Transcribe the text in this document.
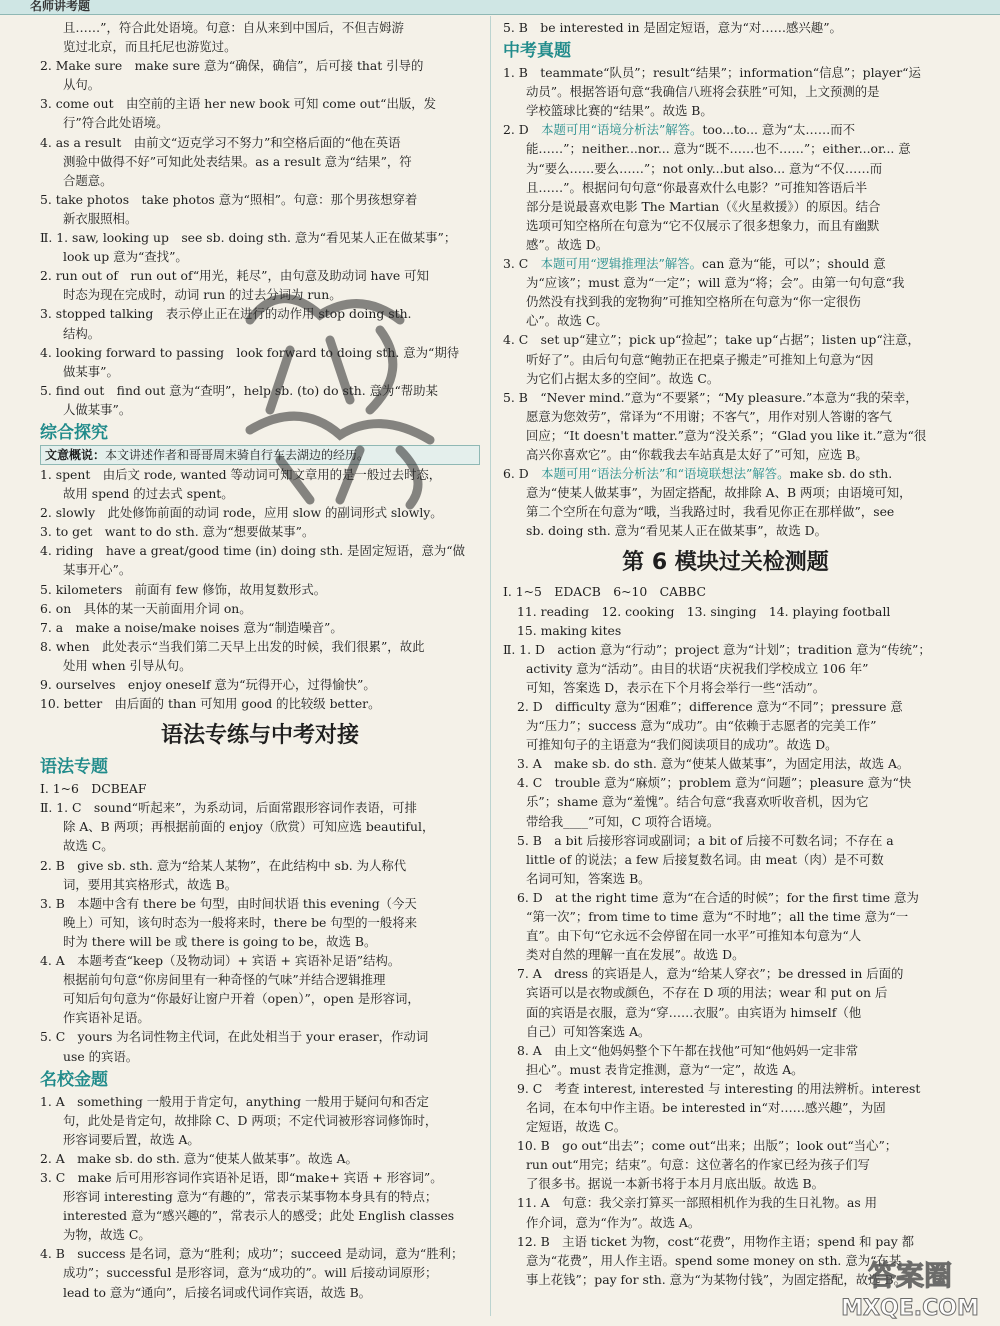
名师讲考题
且……”，符合此处语境。句意：自从来到中国后，不但吉姆游
览过北京，而且托尼也游览过。
2. Make sure　make sure 意为“确保，确信”，后可接 that 引导的
从句。
3. come out　由空前的主语 her new book 可知 come out“出版，发
行”符合此处语境。
4. as a result　由前文“迈克学习不努力”和空格后面的“他在英语
测验中做得不好”可知此处表结果。as a result 意为“结果”，符
合题意。
5. take photos　take photos 意为“照相”。句意：那个男孩想穿着
新衣服照相。
Ⅱ. 1. saw, looking up　see sb. doing sth. 意为“看见某人正在做某事”；
look up 意为“查找”。
2. run out of　run out of“用光，耗尽”，由句意及助动词 have 可知
时态为现在完成时，动词 run 的过去分词为 run。
3. stopped talking　表示停止正在进行的动作用 stop doing sth.
结构。
4. looking forward to passing　look forward to doing sth. 意为“期待
做某事”。
5. find out　find out 意为“查明”，help sb. (to) do sth. 意为“帮助某
人做某事”。
综合探究
文意概说：本文讲述作者和哥哥周末骑自行车去湖边的经历。
1. spent　由后文 rode, wanted 等动词可知文章用的是一般过去时态，
故用 spend 的过去式 spent。
2. slowly　此处修饰前面的动词 rode，应用 slow 的副词形式 slowly。
3. to get　want to do sth. 意为“想要做某事”。
4. riding　have a great/good time (in) doing sth. 是固定短语，意为“做
某事开心”。
5. kilometers　前面有 few 修饰，故用复数形式。
6. on　具体的某一天前面用介词 on。
7. a　make a noise/make noises 意为“制造噪音”。
8. when　此处表示“当我们第二天早上出发的时候，我们很累”，故此
处用 when 引导从句。
9. ourselves　enjoy oneself 意为“玩得开心，过得愉快”。
10. better　由后面的 than 可知用 good 的比较级 better。
语法专练与中考对接
语法专题
Ⅰ. 1~6　DCBEAF
Ⅱ. 1. C　sound“听起来”，为系动词，后面常跟形容词作表语，可排
除 A、B 两项；再根据前面的 enjoy（欣赏）可知应选 beautiful，
故选 C。
2. B　give sb. sth. 意为“给某人某物”，在此结构中 sb. 为人称代
词，要用其宾格形式，故选 B。
3. B　本题中含有 there be 句型，由时间状语 this evening（今天
晚上）可知，该句时态为一般将来时，there be 句型的一般将来
时为 there will be 或 there is going to be，故选 B。
4. A　本题考查“keep（及物动词）+ 宾语 + 宾语补足语”结构。
根据前句句意“你房间里有一种奇怪的气味”并结合逻辑推理
可知后句句意为“你最好让窗户开着（open）”，open 是形容词，
作宾语补足语。
5. C　yours 为名词性物主代词，在此处相当于 your eraser，作动词
use 的宾语。
名校金题
1. A　something 一般用于肯定句，anything 一般用于疑问句和否定
句，此处是肯定句，故排除 C、D 两项；不定代词被形容词修饰时，
形容词要后置，故选 A。
2. A　make sb. do sth. 意为“使某人做某事”。故选 A。
3. C　make 后可用形容词作宾语补足语，即“make+ 宾语 + 形容词”。
形容词 interesting 意为“有趣的”，常表示某事物本身具有的特点；
interested 意为“感兴趣的”，常表示人的感受；此处 English classes
为物，故选 C。
4. B　success 是名词，意为“胜利；成功”；succeed 是动词，意为“胜利；
成功”；successful 是形容词，意为“成功的”。will 后接动词原形；
lead to 意为“通向”，后接名词或代词作宾语，故选 B。
5. B　be interested in 是固定短语，意为“对……感兴趣”。
中考真题
1. B　teammate“队员”；result“结果”；information“信息”；player“运
动员”。根据答语句意“我确信八班将会获胜”可知，上文预测的是
学校篮球比赛的“结果”。故选 B。
2. D　本题可用“语境分析法”解答。too...to... 意为“太……而不
能……”；neither...nor... 意为“既不……也不……”；either...or... 意
为“要么……要么……”；not only...but also... 意为“不仅……而
且……”。根据问句句意“你最喜欢什么电影？”可推知答语后半
部分是说最喜欢电影 The Martian（《火星救援》）的原因。结合
选项可知空格所在句意为“它不仅展示了很多想象力，而且有幽默
感”。故选 D。
3. C　本题可用“逻辑推理法”解答。can 意为“能，可以”；should 意
为“应该”；must 意为“一定”；will 意为“将；会”。由第一句句意“我
仍然没有找到我的宠物狗”可推知空格所在句意为“你一定很伤
心”。故选 C。
4. C　set up“建立”；pick up“捡起”；take up“占据”；listen up“注意，
听好了”。由后句句意“鲍勃正在把桌子搬走”可推知上句意为“因
为它们占据太多的空间”。故选 C。
5. B　“Never mind.”意为“不要紧”；“My pleasure.”本意为“我的荣幸，
愿意为您效劳”，常译为“不用谢；不客气”，用作对别人答谢的客气
回应；“It doesn't matter.”意为“没关系”；“Glad you like it.”意为“很
高兴你喜欢它”。由“你载我去车站真是太好了”可知，应选 B。
6. D　本题可用“语法分析法”和“语境联想法”解答。make sb. do sth.
意为“使某人做某事”，为固定搭配，故排除 A、B 两项；由语境可知，
第二个空所在句意为“哦，当我路过时，我看见你正在那样做”，see
sb. doing sth. 意为“看见某人正在做某事”，故选 D。
第 6 模块过关检测题
Ⅰ. 1~5　EDACB　6~10　CABBC
11. reading　12. cooking　13. singing　14. playing football
15. making kites
Ⅱ. 1. D　action 意为“行动”；project 意为“计划”；tradition 意为“传统”；
activity 意为“活动”。由目的状语“庆祝我们学校成立 106 年”
可知，答案选 D，表示在下个月将会举行一些“活动”。
2. D　difficulty 意为“困难”；difference 意为“不同”；pressure 意
为“压力”；success 意为“成功”。由“依赖于志愿者的完美工作”
可推知句子的主语意为“我们阅读项目的成功”。故选 D。
3. A　make sb. do sth. 意为“使某人做某事”，为固定用法，故选 A。
4. C　trouble 意为“麻烦”；problem 意为“问题”；pleasure 意为“快
乐”；shame 意为“羞愧”。结合句意“我喜欢听收音机，因为它
带给我____”可知，C 项符合语境。
5. B　a bit 后接形容词或副词；a bit of 后接不可数名词；不存在 a
little of 的说法；a few 后接复数名词。由 meat（肉）是不可数
名词可知，答案选 B。
6. D　at the right time 意为“在合适的时候”；for the first time 意为
“第一次”；from time to time 意为“不时地”；all the time 意为“一
直”。由下句“它永远不会停留在同一水平”可推知本句意为“人
类对自然的理解一直在发展”。故选 D。
7. A　dress 的宾语是人，意为“给某人穿衣”；be dressed in 后面的
宾语可以是衣物或颜色，不存在 D 项的用法；wear 和 put on 后
面的宾语是衣服，意为“穿……衣服”。由宾语为 himself（他
自己）可知答案选 A。
8. A　由上文“他妈妈整个下午都在找他”可知“他妈妈一定非常
担心”。must 表肯定推测，意为“一定”，故选 A。
9. C　考查 interest, interested 与 interesting 的用法辨析。interest
名词，在本句中作主语。be interested in“对……感兴趣”，为固
定短语，故选 C。
10. B　go out“出去”；come out“出来；出版”；look out“当心”；
run out“用完；结束”。句意：这位著名的作家已经为孩子们写
了很多书。据说一本新书将于本月月底出版。故选 B。
11. A　句意：我父亲打算买一部照相机作为我的生日礼物。as 用
作介词，意为“作为”。故选 A。
12. B　主语 ticket 为物，cost“花费”，用物作主语；spend 和 pay 都
意为“花费”，用人作主语。spend some money on sth. 意为“在某
事上花钱”；pay for sth. 意为“为某物付钱”，为固定搭配，故选 B。
答案圈
MXQE.COM
